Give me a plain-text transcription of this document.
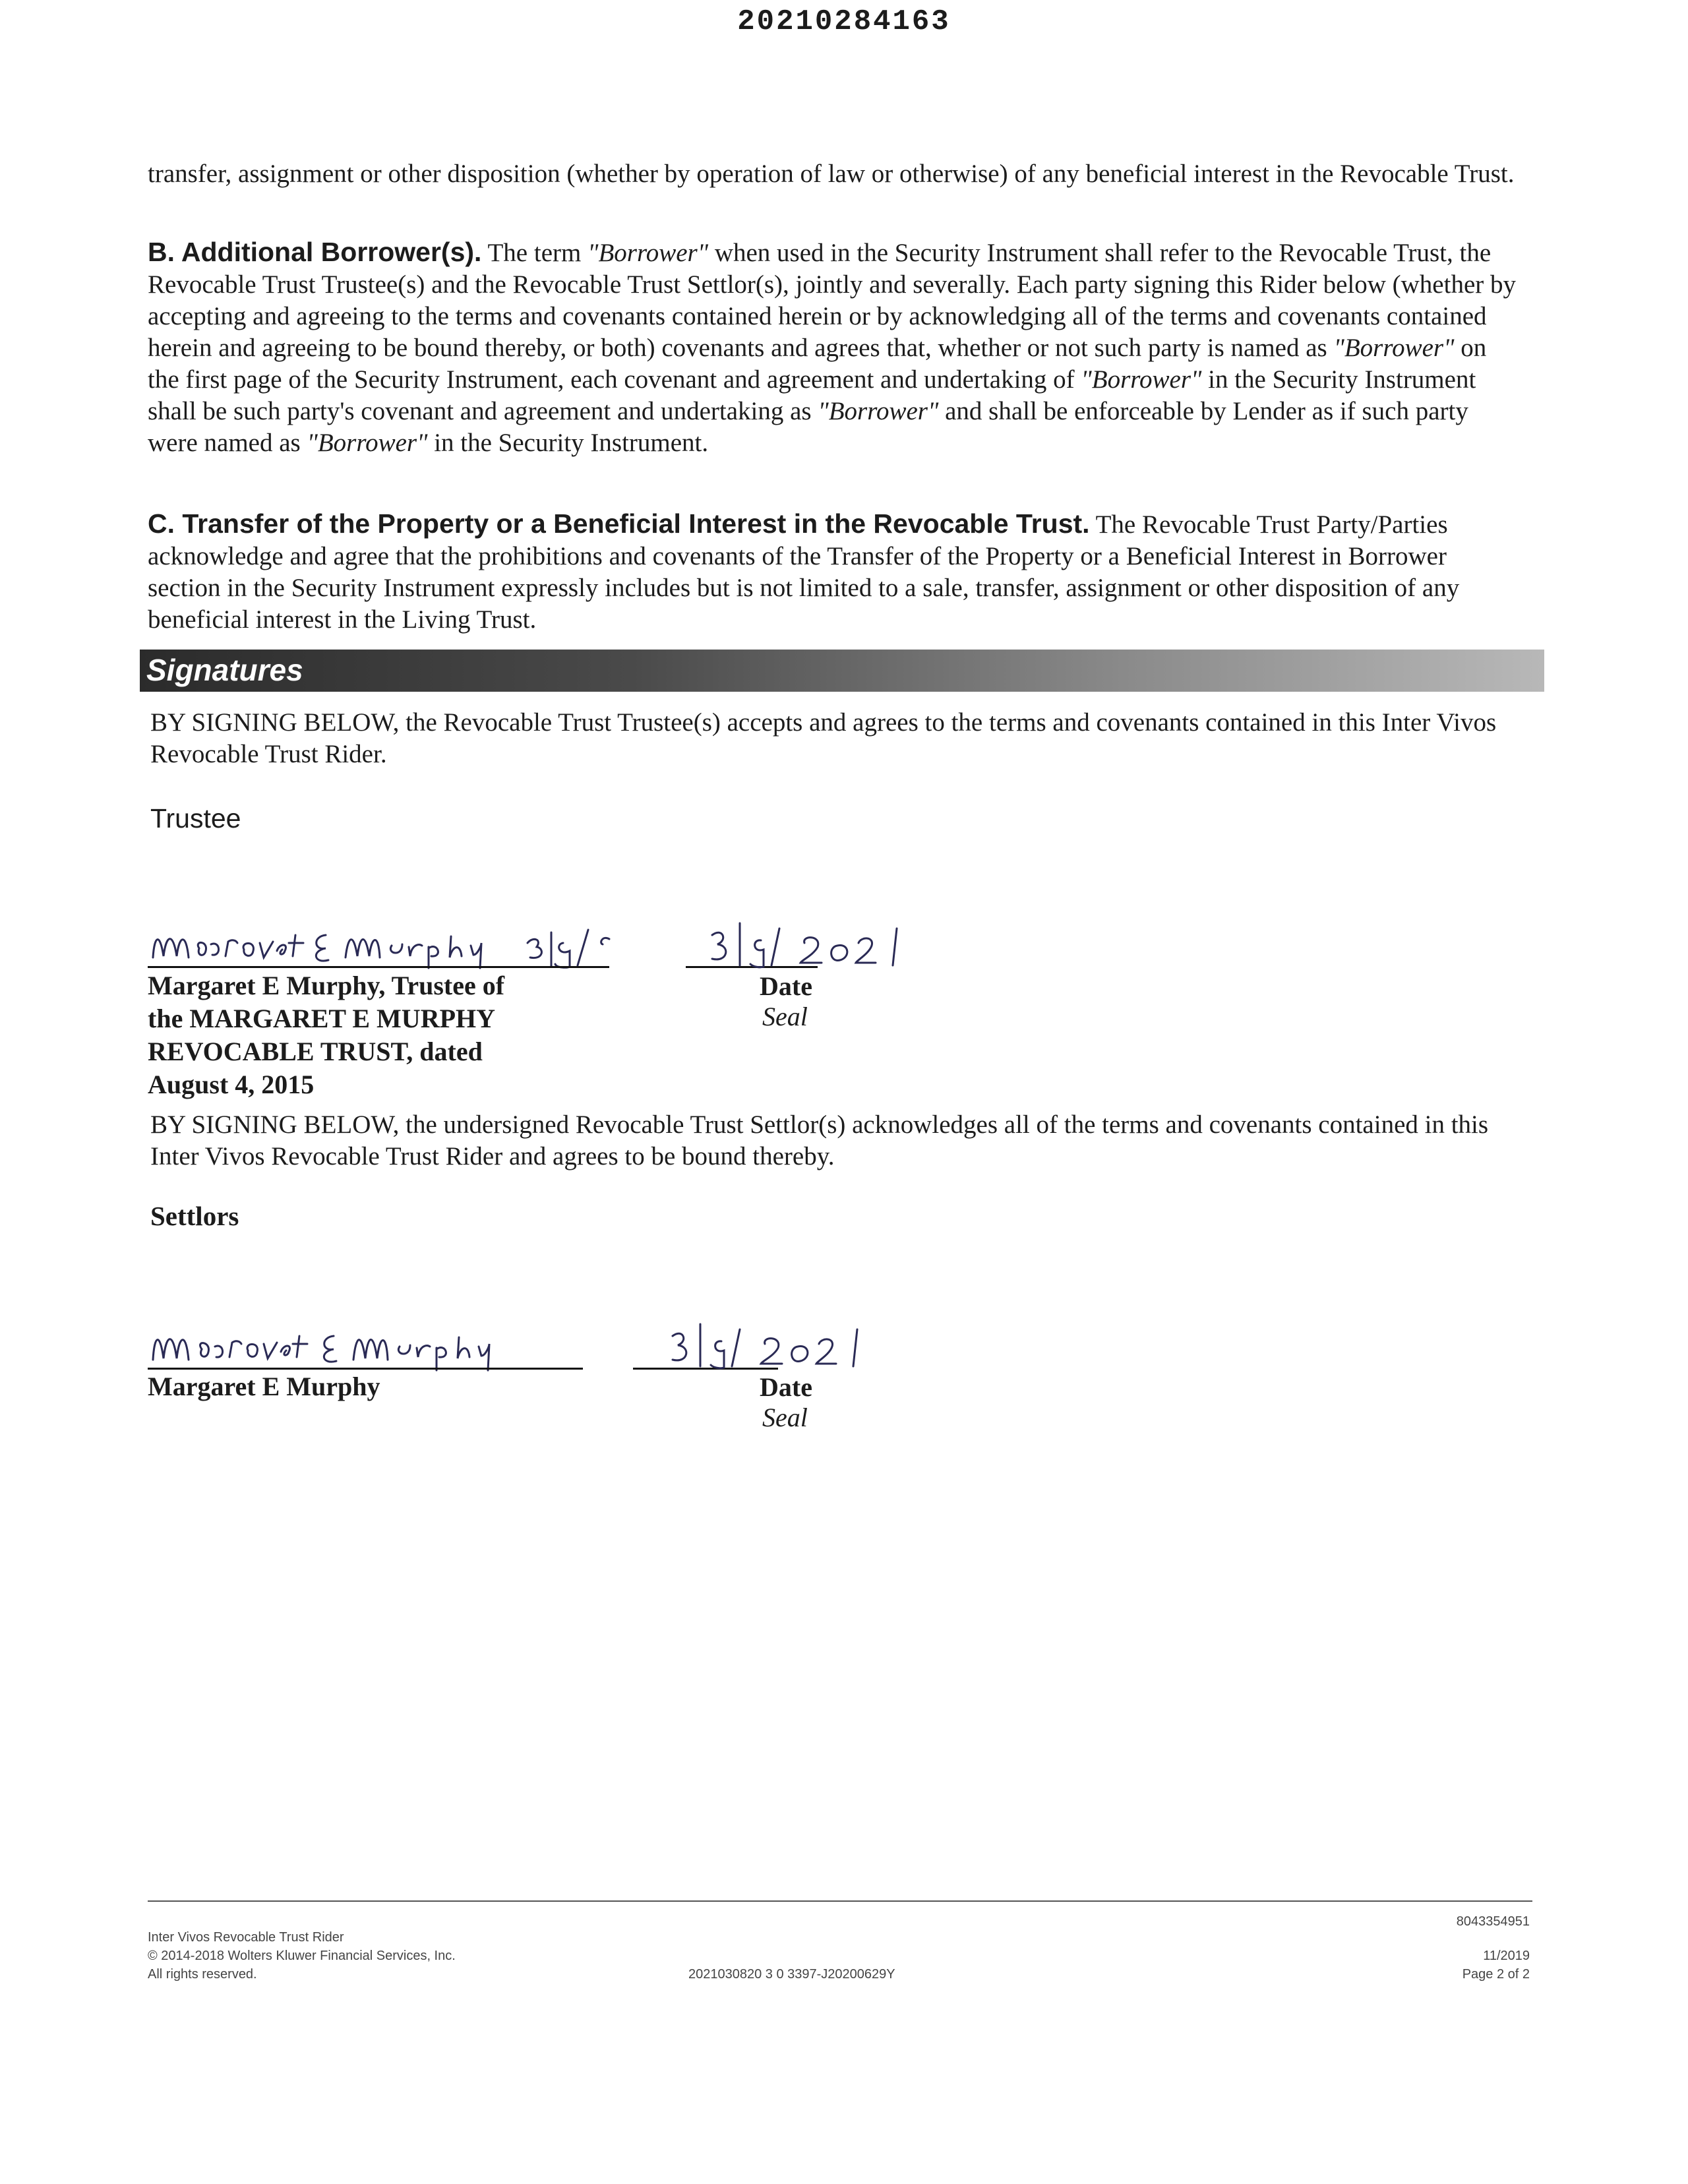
20210284163
transfer, assignment or other disposition (whether by operation of law or otherwise) of any beneficial interest in the Revocable Trust.
B. Additional Borrower(s). The term "Borrower" when used in the Security Instrument shall refer to the Revocable Trust, the Revocable Trust Trustee(s) and the Revocable Trust Settlor(s), jointly and severally. Each party signing this Rider below (whether by accepting and agreeing to the terms and covenants contained herein or by acknowledging all of the terms and covenants contained herein and agreeing to be bound thereby, or both) covenants and agrees that, whether or not such party is named as "Borrower" on the first page of the Security Instrument, each covenant and agreement and undertaking of "Borrower" in the Security Instrument shall be such party's covenant and agreement and undertaking as "Borrower" and shall be enforceable by Lender as if such party were named as "Borrower" in the Security Instrument.
C. Transfer of the Property or a Beneficial Interest in the Revocable Trust. The Revocable Trust Party/Parties acknowledge and agree that the prohibitions and covenants of the Transfer of the Property or a Beneficial Interest in Borrower section in the Security Instrument expressly includes but is not limited to a sale, transfer, assignment or other disposition of any beneficial interest in the Living Trust.
Signatures
BY SIGNING BELOW, the Revocable Trust Trustee(s) accepts and agrees to the terms and covenants contained in this Inter Vivos Revocable Trust Rider.
Trustee
Margaret E Murphy, Trustee of
the MARGARET E MURPHY
REVOCABLE TRUST, dated
August 4, 2015
Date
Seal
BY SIGNING BELOW, the undersigned Revocable Trust Settlor(s) acknowledges all of the terms and covenants contained in this Inter Vivos Revocable Trust Rider and agrees to be bound thereby.
Settlors
Margaret E Murphy	Date
Seal
Inter Vivos Revocable Trust Rider
© 2014-2018 Wolters Kluwer Financial Services, Inc.
All rights reserved.	2021030820 3 0 3397-J20200629Y
8043354951
11/2019
Page 2 of 2
